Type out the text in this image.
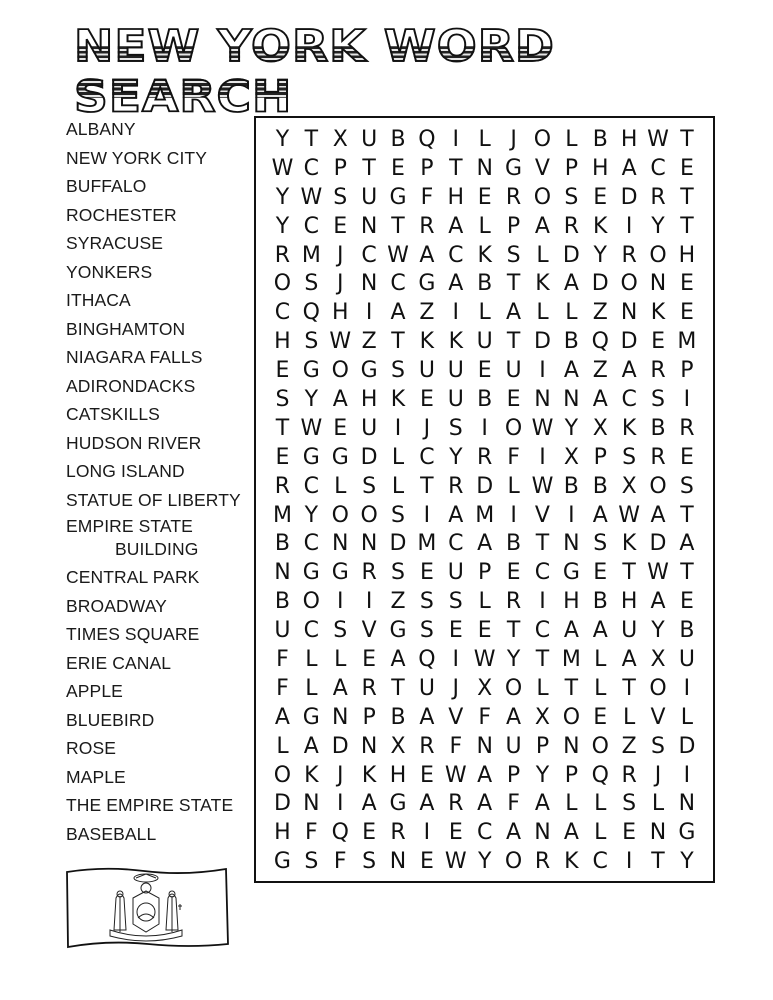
NEW YORK WORD SEARCH
ALBANY
NEW YORK CITY
BUFFALO
ROCHESTER
SYRACUSE
YONKERS
ITHACA
BINGHAMTON
NIAGARA FALLS
ADIRONDACKS
CATSKILLS
HUDSON RIVER
LONG ISLAND
STATUE OF LIBERTY
EMPIRE STATE
BUILDING
CENTRAL PARK
BROADWAY
TIMES SQUARE
ERIE CANAL
APPLE
BLUEBIRD
ROSE
MAPLE
THE EMPIRE STATE
BASEBALL
Y T X U B Q I L J O L B H W T
W C P T E P T N G V P H A C E
Y W S U G F H E R O S E D R T
Y C E N T R A L P A R K I Y T
R M J C W A C K S L D Y R O H
O S J N C G A B T K A D O N E
C Q H I A Z I L A L L Z N K E
H S W Z T K K U T D B Q D E M
E G O G S U U E U I A Z A R P
S Y A H K E U B E N N A C S I
T W E U I	J S I O W Y X K B R
E G G D L C Y R F I X P S R E
R C L S L T R D L W B B X O S
M Y O O S I A M I V I A W A T
B C N N D M C A B T N S K D A
N G G R S E U P E C G E T W T
B O I	I Z S S L R I H B H A E
U C S V G S E E T C A A U Y B
F L L E A Q I W Y T M L A X U
F L A R T U J X O L T L T O I
A G N P B A V F A X O E L V L
L A D N X R F N U P N O Z S D
O K J K H E W A P Y P Q R J	I
D N I A G A R A F A L L S L N
H F Q E R I E C A N A L E N G
G S F S N E W Y O R K C I T Y
